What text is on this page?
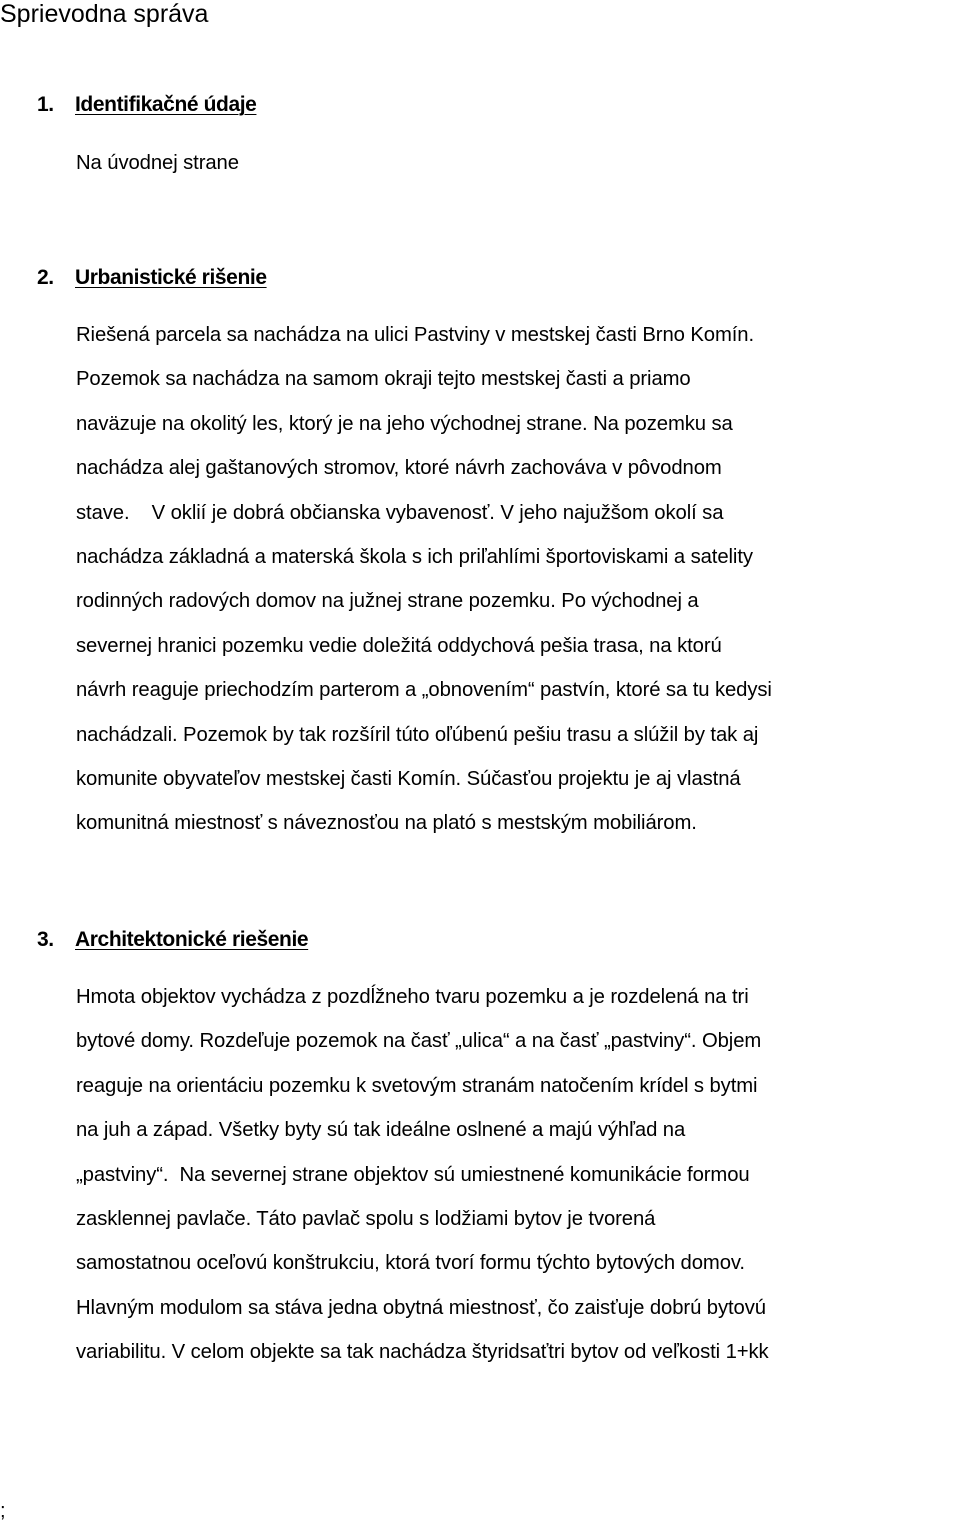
Sprievodna správa
1. Identifikačné údaje

Na úvodnej strane

2. Urbanistické rišenie

Riešená parcela sa nachádza na ulici Pastviny v mestskej časti Brno Komín.
Pozemok sa nachádza na samom okraji tejto mestskej časti a priamo
naväzuje na okolitý les, ktorý je na jeho východnej strane. Na pozemku sa
nachádza alej gaštanových stromov, ktoré návrh zachováva v pôvodnom
stave.    V oklií je dobrá občianska vybavenosť. V jeho najužšom okolí sa
nachádza základná a materská škola s ich priľahlími športoviskami a satelity
rodinných radových domov na južnej strane pozemku. Po východnej a
severnej hranici pozemku vedie doležitá oddychová pešia trasa, na ktorú
návrh reaguje priechodzím parterom a „obnovením“ pastvín, ktoré sa tu kedysi
nachádzali. Pozemok by tak rozšíril túto oľúbenú pešiu trasu a slúžil by tak aj
komunite obyvateľov mestskej časti Komín. Súčasťou projektu je aj vlastná
komunitná miestnosť s náveznosťou na plató s mestským mobiliárom.

3. Architektonické riešenie

Hmota objektov vychádza z pozdĺžneho tvaru pozemku a je rozdelená na tri
bytové domy. Rozdeľuje pozemok na časť „ulica“ a na časť „pastviny“. Objem
reaguje na orientáciu pozemku k svetovým stranám natočením krídel s bytmi
na juh a západ. Všetky byty sú tak ideálne oslnené a majú výhľad na
„pastviny“.  Na severnej strane objektov sú umiestnené komunikácie formou
zasklennej pavlače. Táto pavlač spolu s lodžiami bytov je tvorená
samostatnou oceľovú konštrukciu, ktorá tvorí formu týchto bytových domov.
Hlavným modulom sa stáva jedna obytná miestnosť, čo zaisťuje dobrú bytovú
variabilitu. V celom objekte sa tak nachádza štyridsaťtri bytov od veľkosti 1+kk

;
